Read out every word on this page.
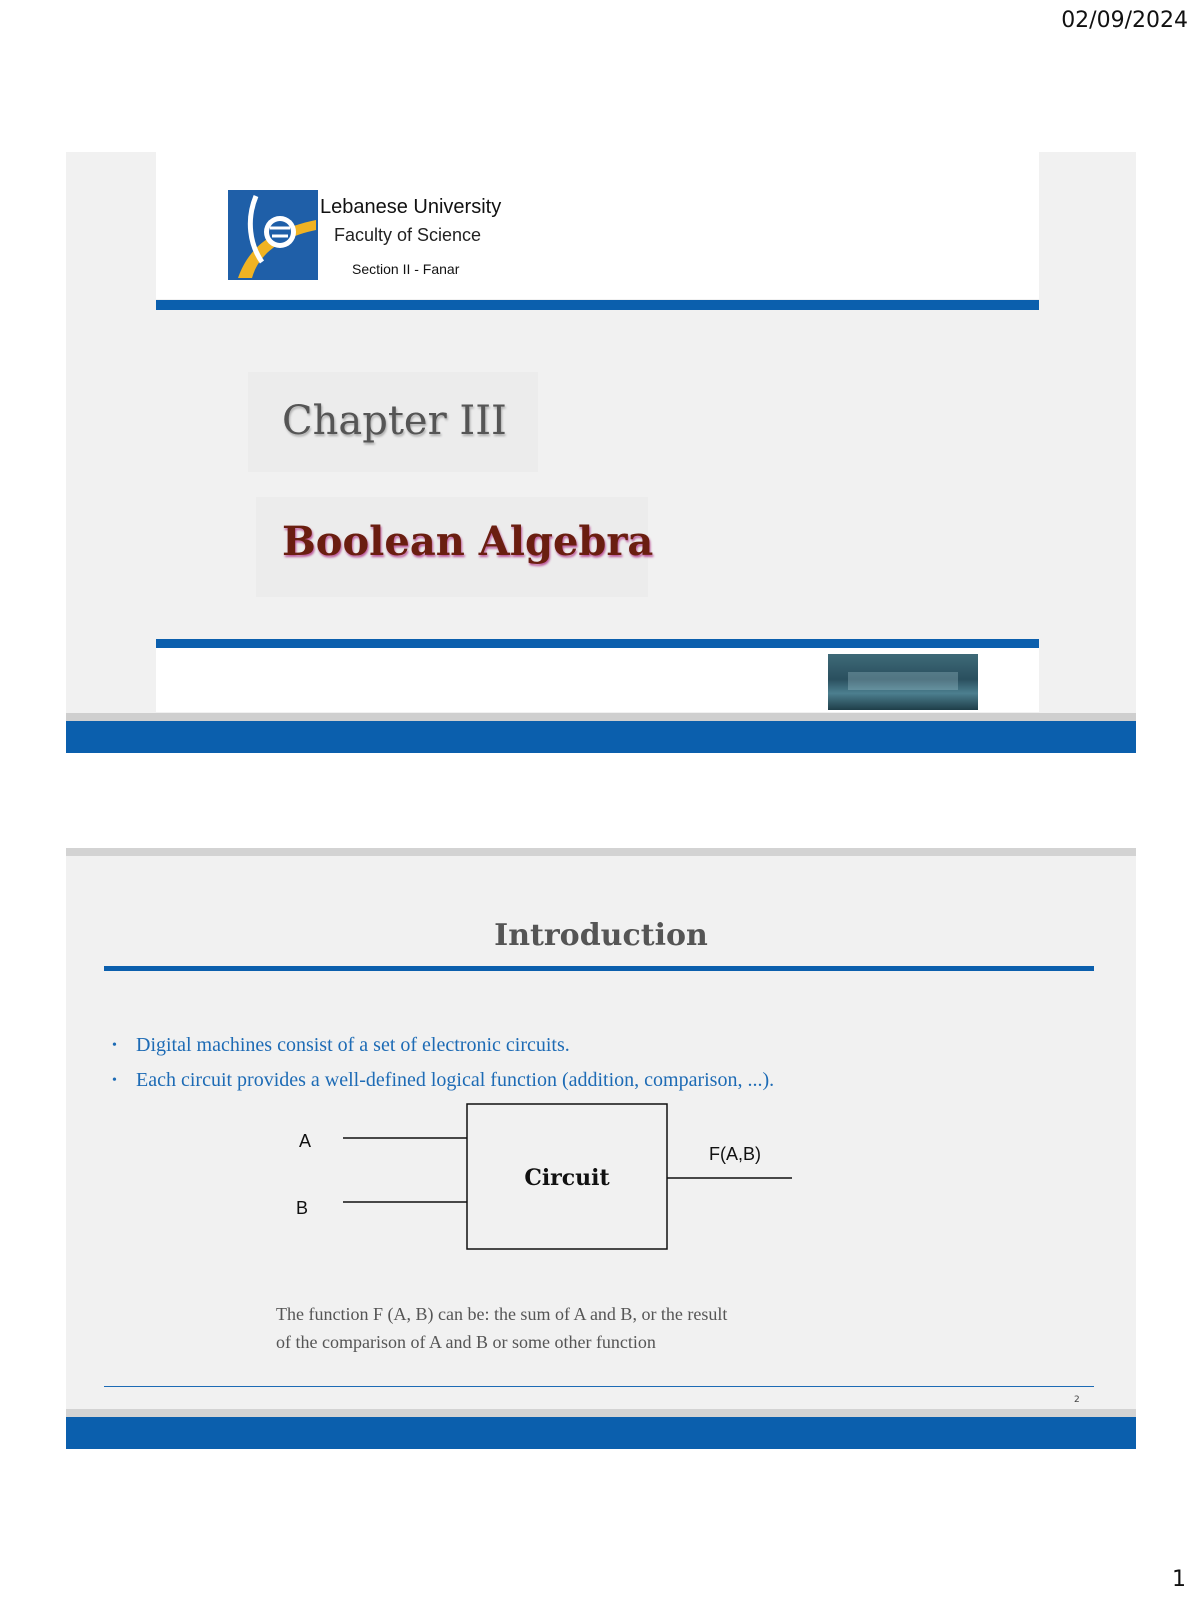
02/09/2024
Lebanese University
Faculty of Science
Section II - Fanar
Chapter III
Boolean Algebra
Introduction
• Digital machines consist of a set of electronic circuits.
• Each circuit provides a well-defined logical function (addition, comparison, ...).
A
B
Circuit
F(A,B)
The function F (A, B) can be: the sum of A and B, or the result
of the comparison of A and B or some other function
2
1
